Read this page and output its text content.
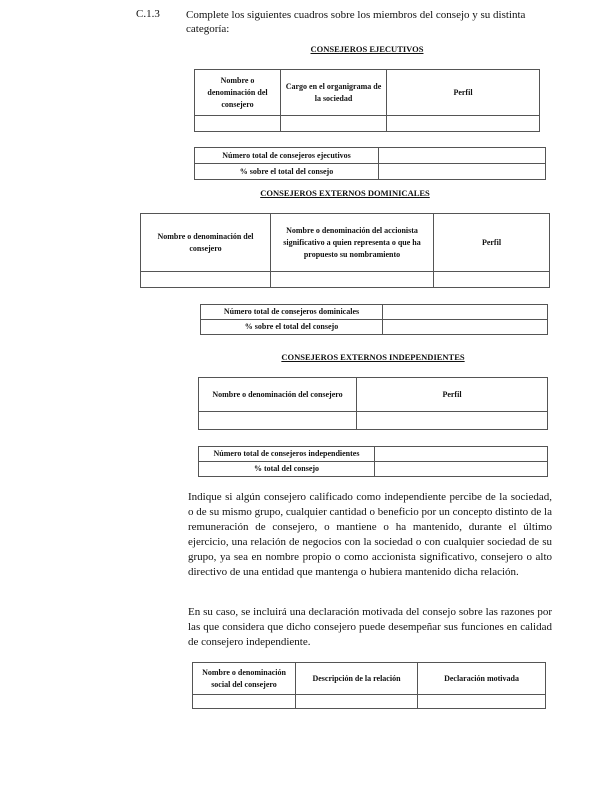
C.1.3 Complete los siguientes cuadros sobre los miembros del consejo y su distinta categoría:
CONSEJEROS EJECUTIVOS
Nombre o denominación del consejero	Cargo en el organigrama de la sociedad	Perfil

Número total de consejeros ejecutivos	
% sobre el total del consejo	
CONSEJEROS EXTERNOS DOMINICALES
Nombre o denominación del consejero	Nombre o denominación del accionista significativo a quien representa o que ha propuesto su nombramiento	Perfil

Número total de consejeros dominicales	
% sobre el total del consejo	
CONSEJEROS EXTERNOS INDEPENDIENTES
Nombre o denominación del consejero	Perfil

Número total de consejeros independientes	
% total del consejo	
Indique si algún consejero calificado como independiente percibe de la sociedad, o de su mismo grupo, cualquier cantidad o beneficio por un concepto distinto de la remuneración de consejero, o mantiene o ha mantenido, durante el último ejercicio, una relación de negocios con la sociedad o con cualquier sociedad de su grupo, ya sea en nombre propio o como accionista significativo, consejero o alto directivo de una entidad que mantenga o hubiera mantenido dicha relación.
En su caso, se incluirá una declaración motivada del consejo sobre las razones por las que considera que dicho consejero puede desempeñar sus funciones en calidad de consejero independiente.
Nombre o denominación social del consejero	Descripción de la relación	Declaración motivada
